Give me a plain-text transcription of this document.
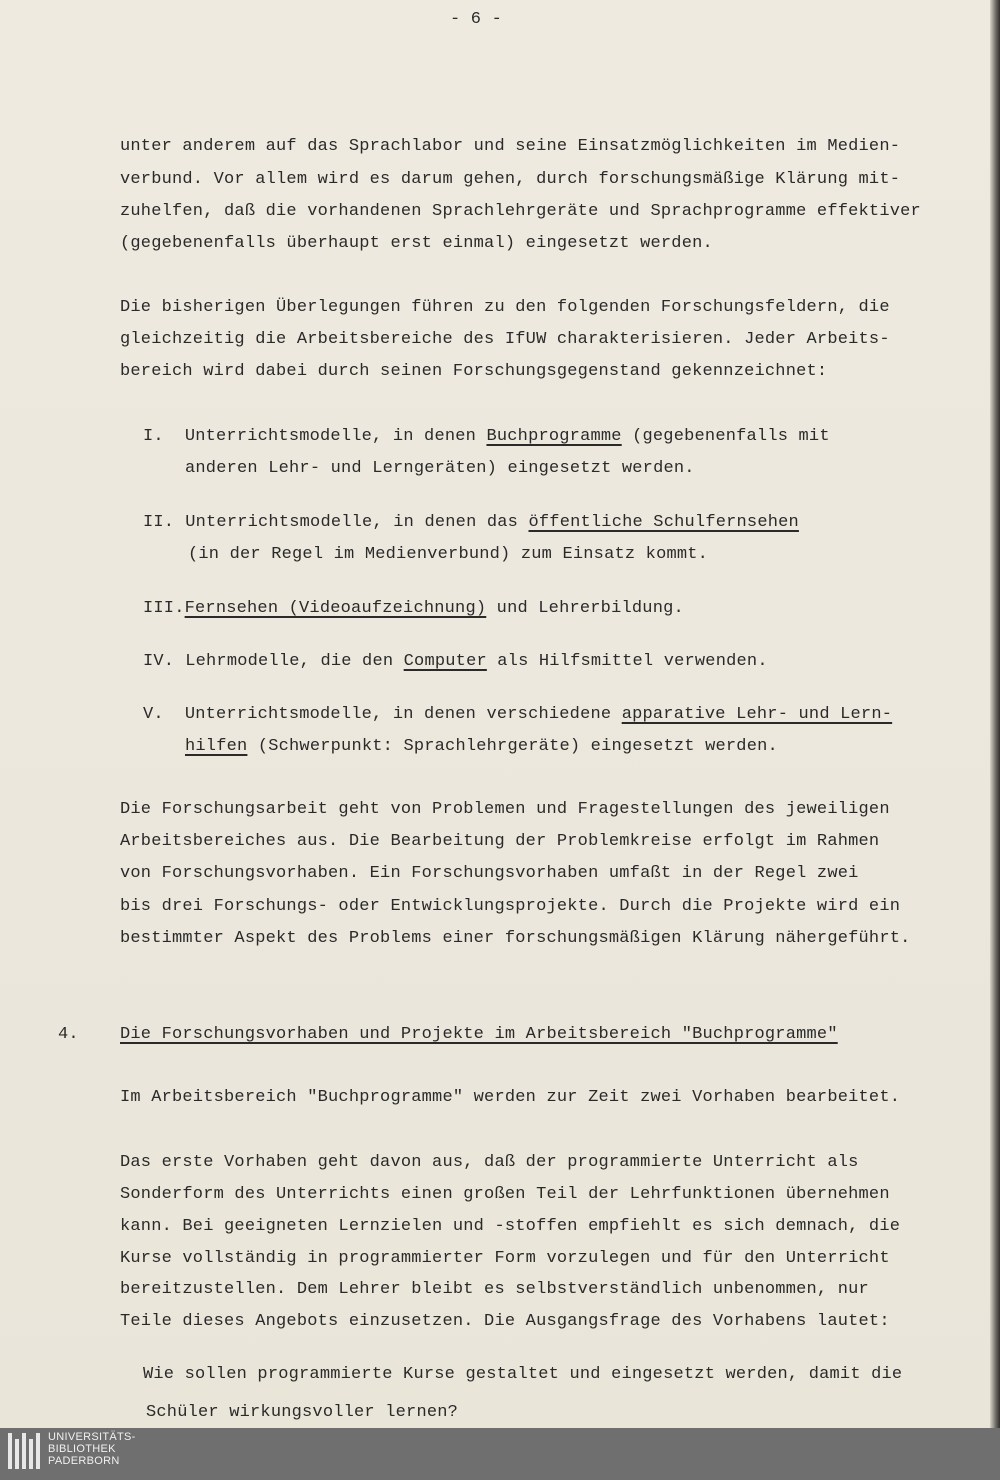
- 6 -
unter anderem auf das Sprachlabor und seine Einsatzmöglichkeiten im Medien-
verbund. Vor allem wird es darum gehen, durch forschungsmäßige Klärung mit-
zuhelfen, daß die vorhandenen Sprachlehrgeräte und Sprachprogramme effektiver
(gegebenenfalls überhaupt erst einmal) eingesetzt werden.
Die bisherigen Überlegungen führen zu den folgenden Forschungsfeldern, die
gleichzeitig die Arbeitsbereiche des IfUW charakterisieren. Jeder Arbeits-
bereich wird dabei durch seinen Forschungsgegenstand gekennzeichnet:
I. Unterrichtsmodelle, in denen Buchprogramme (gegebenenfalls mit
anderen Lehr- und Lerngeräten) eingesetzt werden.
II. Unterrichtsmodelle, in denen das öffentliche Schulfernsehen
(in der Regel im Medienverbund) zum Einsatz kommt.
III.Fernsehen (Videoaufzeichnung) und Lehrerbildung.
IV. Lehrmodelle, die den Computer als Hilfsmittel verwenden.
V. Unterrichtsmodelle, in denen verschiedene apparative Lehr- und Lern-
hilfen (Schwerpunkt: Sprachlehrgeräte) eingesetzt werden.
Die Forschungsarbeit geht von Problemen und Fragestellungen des jeweiligen
Arbeitsbereiches aus. Die Bearbeitung der Problemkreise erfolgt im Rahmen
von Forschungsvorhaben. Ein Forschungsvorhaben umfaßt in der Regel zwei
bis drei Forschungs- oder Entwicklungsprojekte. Durch die Projekte wird ein
bestimmter Aspekt des Problems einer forschungsmäßigen Klärung nähergeführt.
4. Die Forschungsvorhaben und Projekte im Arbeitsbereich "Buchprogramme"
Im Arbeitsbereich "Buchprogramme" werden zur Zeit zwei Vorhaben bearbeitet.
Das erste Vorhaben geht davon aus, daß der programmierte Unterricht als
Sonderform des Unterrichts einen großen Teil der Lehrfunktionen übernehmen
kann. Bei geeigneten Lernzielen und -stoffen empfiehlt es sich demnach, die
Kurse vollständig in programmierter Form vorzulegen und für den Unterricht
bereitzustellen. Dem Lehrer bleibt es selbstverständlich unbenommen, nur
Teile dieses Angebots einzusetzen. Die Ausgangsfrage des Vorhabens lautet:
Wie sollen programmierte Kurse gestaltet und eingesetzt werden, damit die
Schüler wirkungsvoller lernen?
UNIVERSITÄTS-
BIBLIOTHEK
PADERBORN
